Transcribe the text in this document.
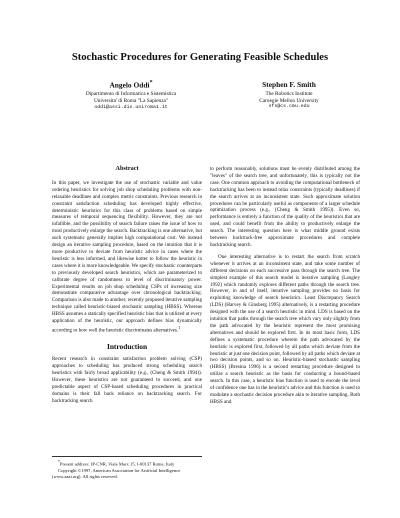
Stochastic Procedures for Generating Feasible Schedules
Angelo Oddi*
Dipartimento di Informatica e Sistemistica
Universita' di Roma "La Sapienza"
oddi@assi.dis.uniroma1.it
Stephen F. Smith
The Robotics Institute
Carnegie Mellon University
sfs@cs.cmu.edu
Abstract

In this paper, we investigate the use of stochastic variable and value ordering heuristics for solving job shop scheduling problems with non-relaxable deadlines and complex metric constraints. Previous research in constraint satisfaction scheduling has developed highly effective, deterministic heuristics for this class of problems based on simple measures of temporal sequencing flexibility. However, they are not infallible, and the possibility of search failure raises the issue of how to most productively enlarge the search. Backtracking is one alternative, but such systematic generally implies high computational cost. We instead design an iterative sampling procedure, based on the intuition that it is more productive to deviate from heuristic advice in cases where the heuristic is less informed, and likewise hotter to follow the heuristic in cases where it is more knowledgeable. We specify stochastic counterparts to previously developed search heuristics, which are parameterized to calibrate degree of randomness to level of discriminatory power. Experimental results on job shop scheduling CSPs of increasing size demonstrate comparative advantage over chronological backtracking. Comparison is also made to another, recently proposed iterative sampling technique called heuristic-biased stochastic sampling (HBSS). Whereas HBSS assumes a statically specified heuristic bias that is utilized at every application of the heuristic, our approach defines bias dynamically according to how well the heuristic discriminates alternatives.$^1$

Introduction

Recent research in constraint satisfaction problem solving (CSP) approaches to scheduling has produced strong scheduling search heuristics with fairly broad applicability (e.g., (Cheng & Smith 1994)). However, these heuristics are not guaranteed to succeed, and one predictable aspect of CSP-based scheduling procedures in practical domains is their fall back reliance on backtracking search. For backtracking search

*Present address: IP-CNR, Viale Marx 15, I-00137 Rome, Italy

Copyright ©1997, American Association for Artificial Intelligence (www.aaai.org). All rights reserved.

to perform reasonably, solutions must be evenly distributed among the "leaves" of the search tree, and unfortunately, this is typically not the case. One common approach to avoiding the computational bottleneck of backtracking has been to instead relax constraints (typically deadlines) if the search arrives at an inconsistent state. Such approximate solution procedures can be particularly useful as components of a larger schedule optimization process (e.g., (Cheng & Smith 1995)). Even so, performance is entirely a function of the quality of the heuristics that are used, and could benefit from the ability to productively enlarge the search. The interesting question here is what middle ground exists between backtrack-free approximate procedures and complete backtracking search.

One interesting alternative is to restart the search from scratch whenever it arrives at an inconsistent state, and take some number of different decisions on each successive pass through the search tree. The simplest example of this search model is iterative sampling (Langley 1992) which randomly explores different paths through the search tree. However, in and of itself, iterative sampling provides no basis for exploiting knowledge of search heuristics. Least Discrepancy Search (LDS) (Harvey & Ginsberg 1995) alternatively, is a restarting procedure designed with the use of a search heuristic in mind. LDS is based on the intuition that paths through the search tree which vary only slightly from the path advocated by the heuristic represent the most promising alternatives and should be explored first. In its most basic form, LDS defines a systematic procedure wherein the path advocated by the heuristic is explored first, followed by all paths which deviate from the heuristic at just one decision point, followed by all paths which deviate at two decision points, and so on. Heuristic-biased stochastic sampling (HBSS) (Bresina 1996) is a second restarting procedure designed to utilize a search heuristic as the basis for conducting a bound-based search. In this case, a heuristic bias function is used to encode the level of confidence one has in the heuristic's advice and this function is used to modulate a stochastic decision procedure akin to iterative sampling. Both HBSS and
